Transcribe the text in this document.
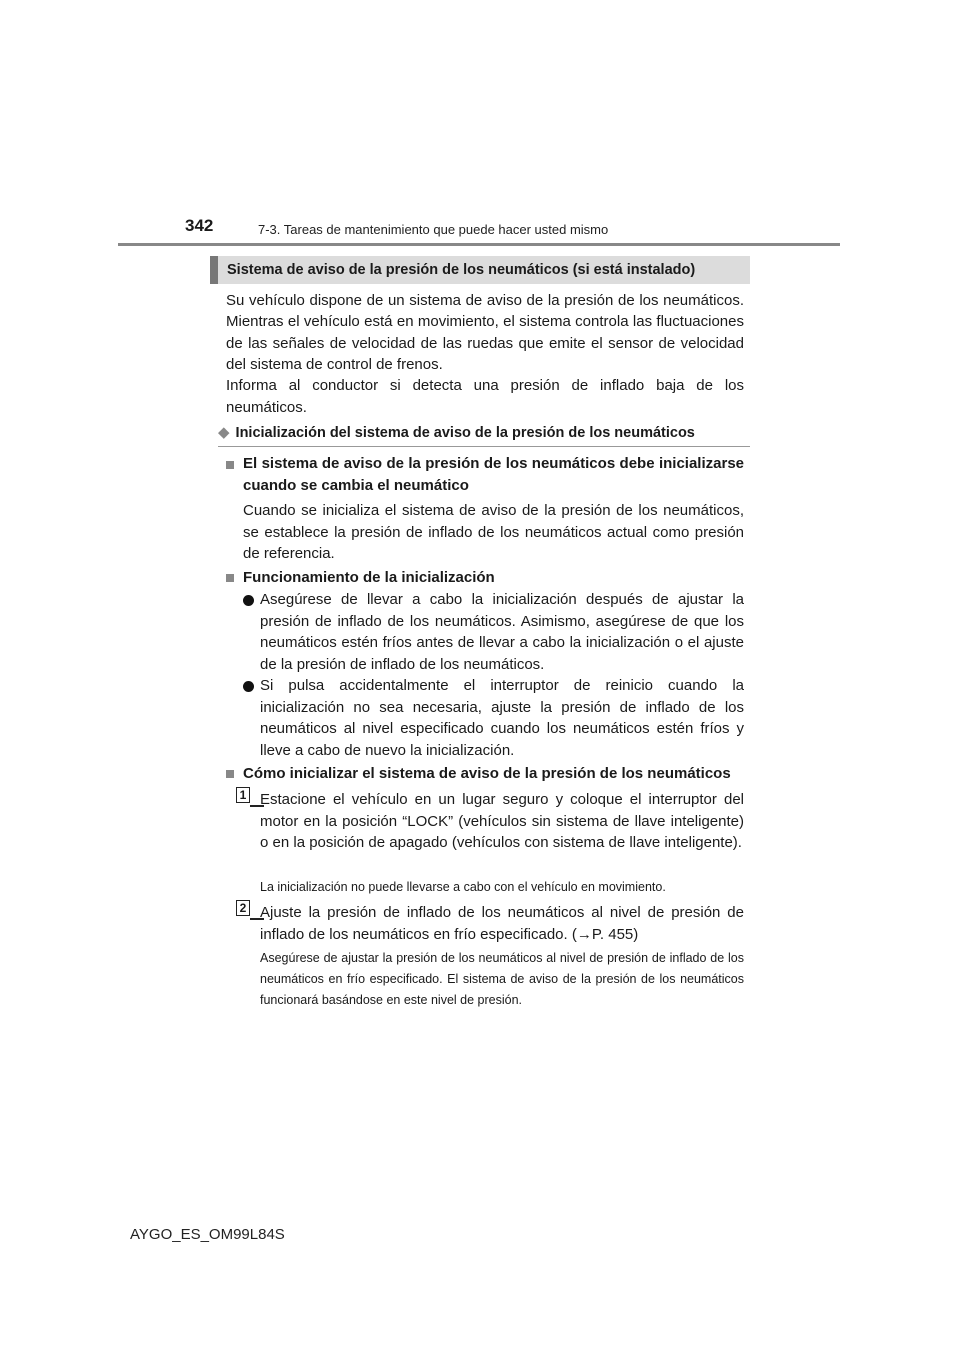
342	7-3. Tareas de mantenimiento que puede hacer usted mismo
Sistema de aviso de la presión de los neumáticos (si está instalado)

Su vehículo dispone de un sistema de aviso de la presión de los neumáticos.

Mientras el vehículo está en movimiento, el sistema controla las fluctuaciones de las señales de velocidad de las ruedas que emite el sensor de velocidad del sistema de control de frenos.

Informa al conductor si detecta una presión de inflado baja de los neumáticos.

◆ Inicialización del sistema de aviso de la presión de los neumáticos
El sistema de aviso de la presión de los neumáticos debe inicializarse cuando se cambia el neumático

Cuando se inicializa el sistema de aviso de la presión de los neumáticos, se establece la presión de inflado de los neumáticos actual como presión de referencia.

Funcionamiento de la inicialización

Asegúrese de llevar a cabo la inicialización después de ajustar la presión de inflado de los neumáticos. Asimismo, asegúrese de que los neumáticos estén fríos antes de llevar a cabo la inicialización o el ajuste de la presión de inflado de los neumáticos.

Si pulsa accidentalmente el interruptor de reinicio cuando la inicialización no sea necesaria, ajuste la presión de inflado de los neumáticos al nivel especificado cuando los neumáticos estén fríos y lleve a cabo de nuevo la inicialización.

Cómo inicializar el sistema de aviso de la presión de los neumáticos
1 Estacione el vehículo en un lugar seguro y coloque el interruptor del motor en la posición “LOCK” (vehículos sin sistema de llave inteligente) o en la posición de apagado (vehículos con sistema de llave inteligente).

La inicialización no puede llevarse a cabo con el vehículo en movimiento.

2 Ajuste la presión de inflado de los neumáticos al nivel de presión de inflado de los neumáticos en frío especificado. (→P. 455)

Asegúrese de ajustar la presión de los neumáticos al nivel de presión de inflado de los neumáticos en frío especificado. El sistema de aviso de la presión de los neumáticos funcionará basándose en este nivel de presión.

AYGO_ES_OM99L84S
